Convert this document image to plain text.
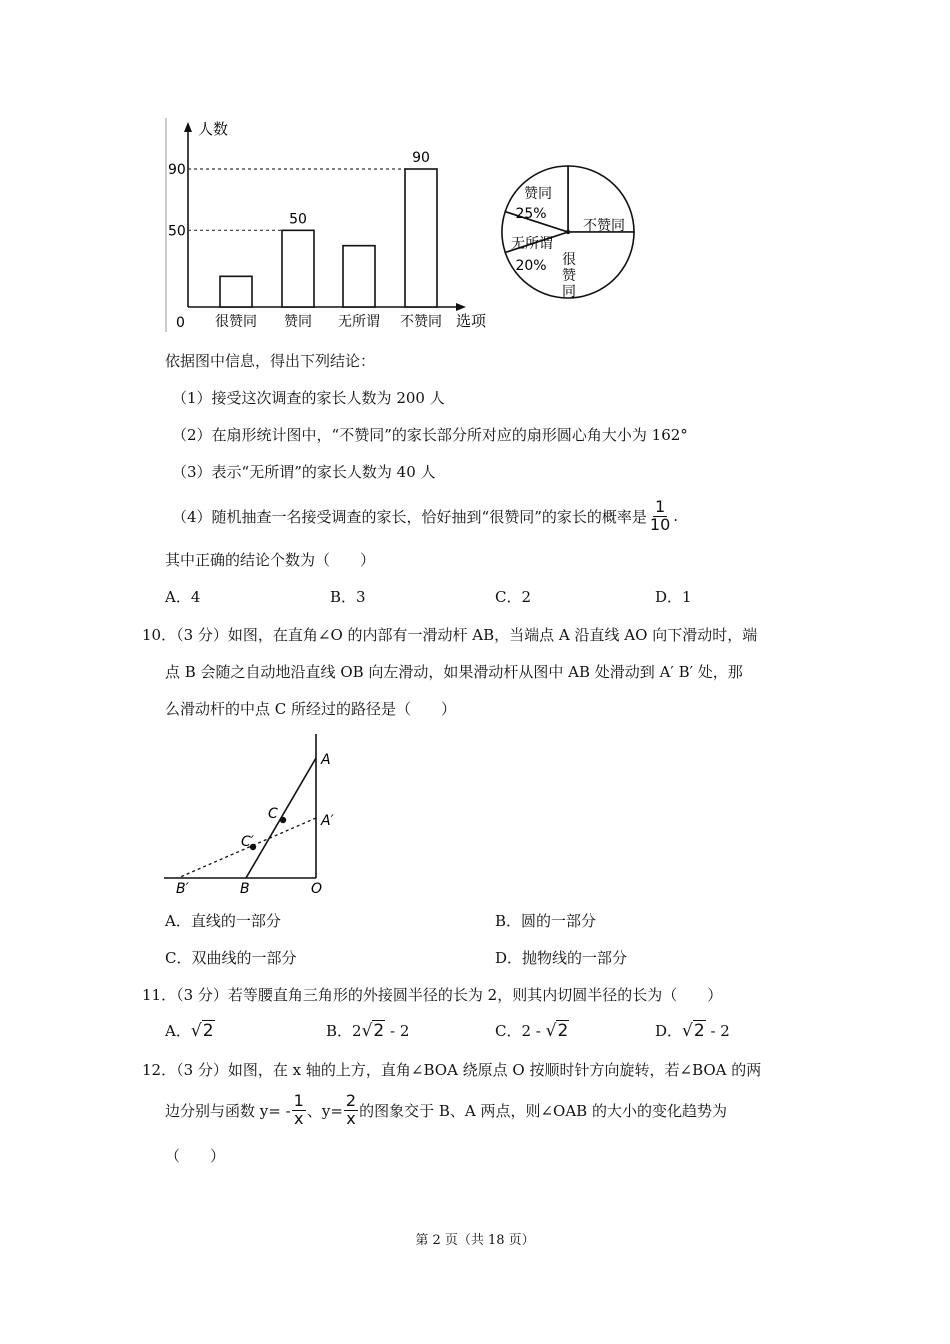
0
人数
选项
90
50
很赞同
50
赞同 无所谓
90
不赞同
赞同
25%
不赞同
很
赞
同
无所谓
20%
依据图中信息，得出下列结论：
（1）接受这次调查的家长人数为 200 人
（2）在扇形统计图中，“不赞同”的家长部分所对应的扇形圆心角大小为 162°
（3）表示“无所谓”的家长人数为 40 人
（4）随机抽查一名接受调查的家长，恰好抽到“很赞同”的家长的概率是 $\frac{1}{10}$ .
其中正确的结论个数为（　　）
A．4	B．3	C．2	D．1
10．（3 分）如图，在直角∠O 的内部有一滑动杆 AB，当端点 A 沿直线 AO 向下滑动时，端
点 B 会随之自动地沿直线 OB 向左滑动，如果滑动杆从图中 AB 处滑动到 A′ B′ 处，那
么滑动杆的中点 C 所经过的路径是（　　）
A
A′
C
C′
B
B′	O
A．直线的一部分	B．圆的一部分
C．双曲线的一部分	D．抛物线的一部分
11．（3 分）若等腰直角三角形的外接圆半径的长为 2，则其内切圆半径的长为（　　）
A．√2	B．2√2 - 2	C．2 - √2	D．√2 - 2
12．（3 分）如图，在 x 轴的上方，直角∠BOA 绕原点 O 按顺时针方向旋转，若∠BOA 的两
边分别与函数 $y= - \frac{1}{x}$ 、$y= \frac{2}{x}$ 的图象交于 B、A 两点，则∠OAB 的大小的变化趋势为
（　　）
第 2 页（共 18 页）
